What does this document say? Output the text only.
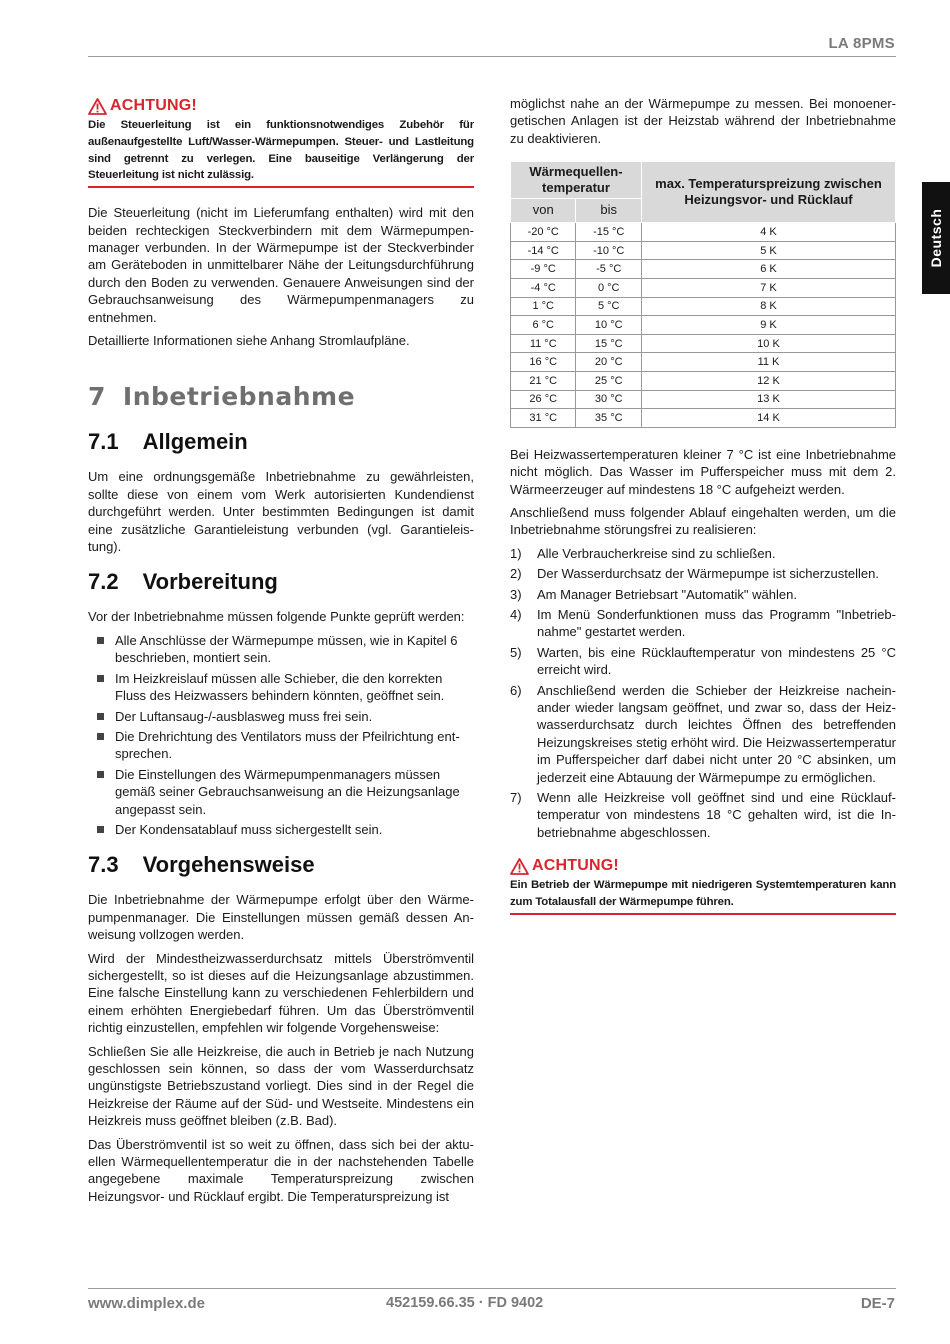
LA 8PMS
Deutsch
ACHTUNG!
Die Steuerleitung ist ein funktionsnotwendiges Zubehör für außenaufgestellte Luft/Wasser-Wärmepumpen. Steuer- und Lastleitung sind getrennt zu verlegen. Eine bauseitige Verlängerung der Steuerleitung ist nicht zulässig.

Die Steuerleitung (nicht im Lieferumfang enthalten) wird mit den beiden rechteckigen Steckverbindern mit dem Wärmepumpenmanager verbunden. In der Wärmepumpe ist der Steckverbinder am Geräteboden in unmittelbarer Nähe der Leitungsdurchführung durch den Boden zu verwenden. Genauere Anweisungen sind der Gebrauchsanweisung des Wärmepumpenmanagers zu entnehmen.

Detaillierte Informationen siehe Anhang Stromlaufpläne.

7 Inbetriebnahme
7.1 Allgemein

Um eine ordnungsgemäße Inbetriebnahme zu gewährleisten, sollte diese von einem vom Werk autorisierten Kundendienst durchgeführt werden. Unter bestimmten Bedingungen ist damit eine zusätzliche Garantieleistung verbunden (vgl. Garantieleistung).

7.2 Vorbereitung

Vor der Inbetriebnahme müssen folgende Punkte geprüft werden:

Alle Anschlüsse der Wärmepumpe müssen, wie in Kapitel 6 beschrieben, montiert sein.
Im Heizkreislauf müssen alle Schieber, die den korrekten Fluss des Heizwassers behindern könnten, geöffnet sein.
Der Luftansaug-/-ausblasweg muss frei sein.
Die Drehrichtung des Ventilators muss der Pfeilrichtung entsprechen.
Die Einstellungen des Wärmepumpenmanagers müssen gemäß seiner Gebrauchsanweisung an die Heizungsanlage angepasst sein.
Der Kondensatablauf muss sichergestellt sein.
7.3 Vorgehensweise

Die Inbetriebnahme der Wärmepumpe erfolgt über den Wärmepumpenmanager. Die Einstellungen müssen gemäß dessen Anweisung vollzogen werden.

Wird der Mindestheizwasserdurchsatz mittels Überströmventil sichergestellt, so ist dieses auf die Heizungsanlage abzustimmen. Eine falsche Einstellung kann zu verschiedenen Fehlerbildern und einem erhöhten Energiebedarf führen. Um das Überströmventil richtig einzustellen, empfehlen wir folgende Vorgehensweise:

Schließen Sie alle Heizkreise, die auch in Betrieb je nach Nutzung geschlossen sein können, so dass der vom Wasserdurchsatz ungünstigste Betriebszustand vorliegt. Dies sind in der Regel die Heizkreise der Räume auf der Süd- und Westseite. Mindestens ein Heizkreis muss geöffnet bleiben (z.B. Bad).

Das Überströmventil ist so weit zu öffnen, dass sich bei der aktuellen Wärmequellentemperatur die in der nachstehenden Tabelle angegebene maximale Temperaturspreizung zwischen Heizungsvor- und Rücklauf ergibt. Die Temperaturspreizung ist

möglichst nahe an der Wärmepumpe zu messen. Bei monoenergetischen Anlagen ist der Heizstab während der Inbetriebnahme zu deaktivieren.

Wärmequellen-temperatur		max. Temperaturspreizung zwischen Heizungsvor- und Rücklauf
von	bis	
-20 °C	-15 °C	4 K
-14 °C	-10 °C	5 K
-9 °C	-5 °C	6 K
-4 °C	0 °C	7 K
1 °C	5 °C	8 K
6 °C	10 °C	9 K
11 °C	15 °C	10 K
16 °C	20 °C	11 K
21 °C	25 °C	12 K
26 °C	30 °C	13 K
31 °C	35 °C	14 K

Bei Heizwassertemperaturen kleiner 7 °C ist eine Inbetriebnahme nicht möglich. Das Wasser im Pufferspeicher muss mit dem 2. Wärmeerzeuger auf mindestens 18 °C aufgeheizt werden.

Anschließend muss folgender Ablauf eingehalten werden, um die Inbetriebnahme störungsfrei zu realisieren:

1)	Alle Verbraucherkreise sind zu schließen.
2)	Der Wasserdurchsatz der Wärmepumpe ist sicherzustellen.
3)	Am Manager Betriebsart "Automatik" wählen.
4)	Im Menü Sonderfunktionen muss das Programm "Inbetriebnahme" gestartet werden.
5)	Warten, bis eine Rücklauftemperatur von mindestens 25 °C erreicht wird.
6)	Anschließend werden die Schieber der Heizkreise nacheinander wieder langsam geöffnet, und zwar so, dass der Heizwasserdurchsatz durch leichtes Öffnen des betreffenden Heizungskreises stetig erhöht wird. Die Heizwassertemperatur im Pufferspeicher darf dabei nicht unter 20 °C absinken, um jederzeit eine Abtauung der Wärmepumpe zu ermöglichen.
7)	Wenn alle Heizkreise voll geöffnet sind und eine Rücklauftemperatur von mindestens 18 °C gehalten wird, ist die Inbetriebnahme abgeschlossen.
ACHTUNG!
Ein Betrieb der Wärmepumpe mit niedrigeren Systemtemperaturen kann zum Totalausfall der Wärmepumpe führen.
www.dimplex.de	452159.66.35 · FD 9402	DE-7
